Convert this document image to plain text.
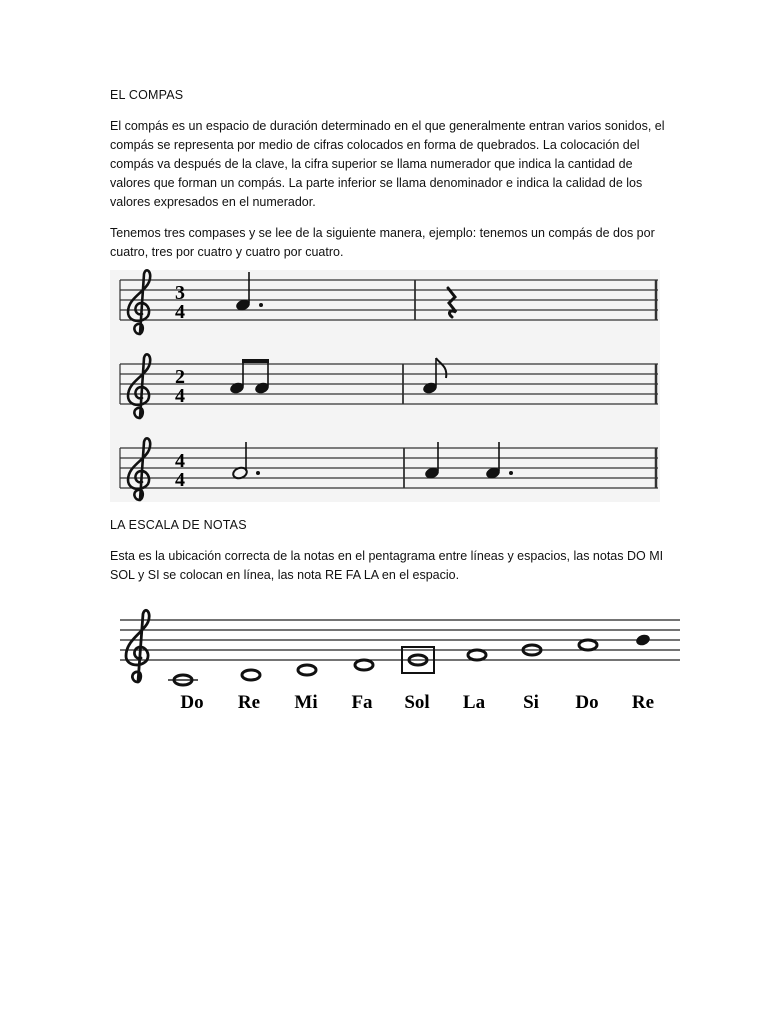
EL COMPAS

El compás es un espacio de duración determinado en el que generalmente entran varios sonidos, el compás se representa por medio de cifras colocados en forma de quebrados. La colocación del compás va después de la clave, la cifra superior se llama numerador que indica la cantidad de valores que forman un compás. La parte inferior se llama denominador e indica la calidad de los valores expresados en el numerador.

Tenemos tres compases y se lee de la siguiente manera, ejemplo: tenemos un compás de dos por cuatro, tres por cuatro y cuatro por cuatro.

3
4
2
4
4
4

LA ESCALA DE NOTAS

Esta es la ubicación correcta de la notas en el pentagrama entre líneas y espacios, las notas DO MI SOL y SI se colocan en línea, las nota RE FA LA en el espacio.

Do Re Mi Fa Sol La Si Do Re
